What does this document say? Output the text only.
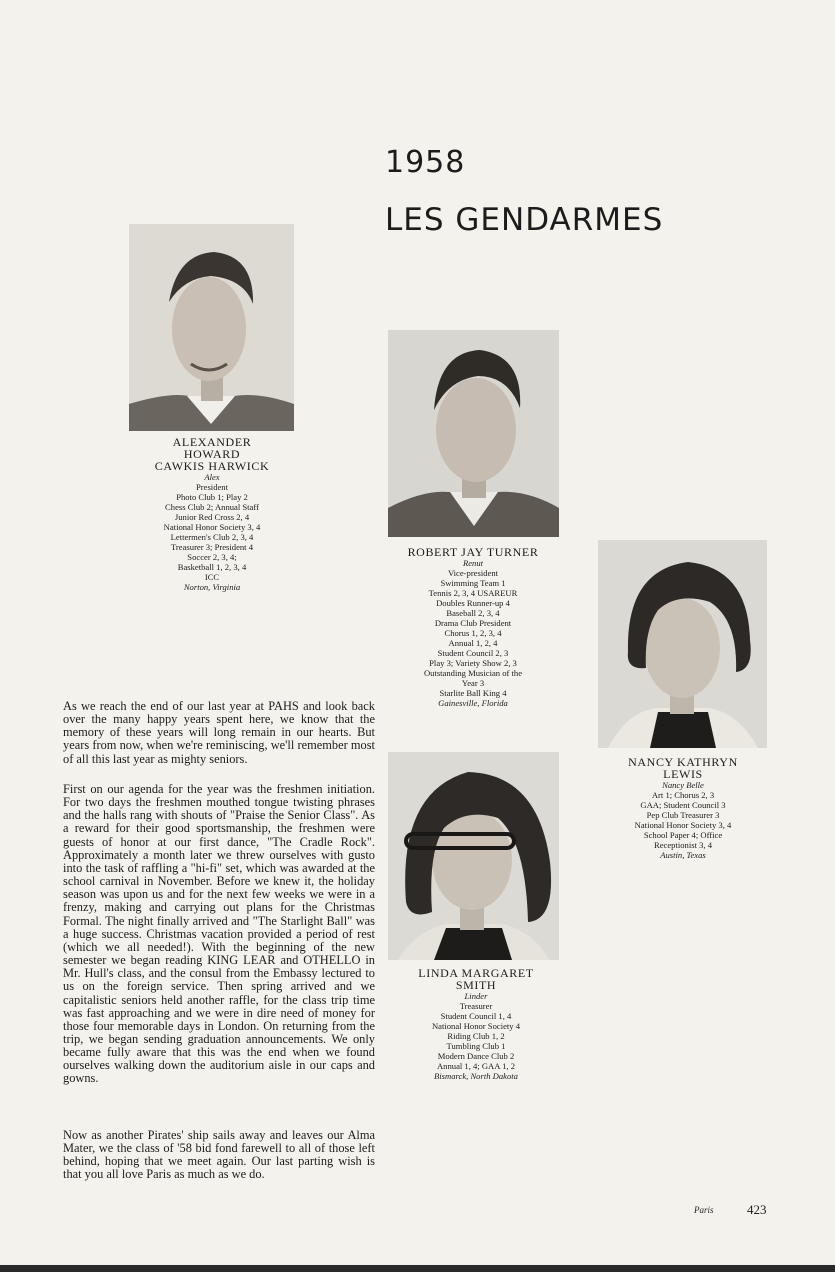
1958
LES GENDARMES
ALEXANDER
HOWARD
CAWKIS HARWICK
Alex
President
Photo Club 1; Play 2
Chess Club 2; Annual Staff
Junior Red Cross 2, 4
National Honor Society 3, 4
Lettermen's Club 2, 3, 4
Treasurer 3; President 4
Soccer 2, 3, 4;
Basketball 1, 2, 3, 4
ICC
Norton, Virginia
ROBERT JAY TURNER
Renut
Vice-president
Swimming Team 1
Tennis 2, 3, 4 USAREUR
Doubles Runner-up 4
Baseball 2, 3, 4
Drama Club President
Chorus 1, 2, 3, 4
Annual 1, 2, 4
Student Council 2, 3
Play 3; Variety Show 2, 3
Outstanding Musician of the
Year 3
Starlite Ball King 4
Gainesville, Florida
NANCY KATHRYN
LEWIS
Nancy Belle
Art 1; Chorus 2, 3
GAA; Student Council 3
Pep Club Treasurer 3
National Honor Society 3, 4
School Paper 4; Office
Receptionist 3, 4
Austin, Texas
LINDA MARGARET
SMITH
Linder
Treasurer
Student Council 1, 4
National Honor Society 4
Riding Club 1, 2
Tumbling Club 1
Modern Dance Club 2
Annual 1, 4; GAA 1, 2
Bismarck, North Dakota

As we reach the end of our last year at PAHS and look back over the many happy years spent here, we know that the memory of these years will long remain in our hearts. But years from now, when we're reminiscing, we'll remember most of all this last year as mighty seniors.

First on our agenda for the year was the freshmen initiation. For two days the freshmen mouthed tongue twisting phrases and the halls rang with shouts of "Praise the Senior Class". As a reward for their good sportsmanship, the freshmen were guests of honor at our first dance, "The Cradle Rock". Approximately a month later we threw ourselves with gusto into the task of raffling a "hi-fi" set, which was awarded at the school carnival in November. Before we knew it, the holiday season was upon us and for the next few weeks we were in a frenzy, making and carrying out plans for the Christmas Formal. The night finally arrived and "The Starlight Ball" was a huge success. Christmas vacation provided a period of rest (which we all needed!). With the beginning of the new semester we began reading KING LEAR and OTHELLO in Mr. Hull's class, and the consul from the Embassy lectured to us on the foreign service. Then spring arrived and we capitalistic seniors held another raffle, for the class trip time was fast approaching and we were in dire need of money for those four memorable days in London. On returning from the trip, we began sending graduation announcements. We only became fully aware that this was the end when we found ourselves walking down the auditorium aisle in our caps and gowns.

Now as another Pirates' ship sails away and leaves our Alma Mater, we the class of '58 bid fond farewell to all of those left behind, hoping that we meet again. Our last parting wish is that you all love Paris as much as we do.

Paris	423
